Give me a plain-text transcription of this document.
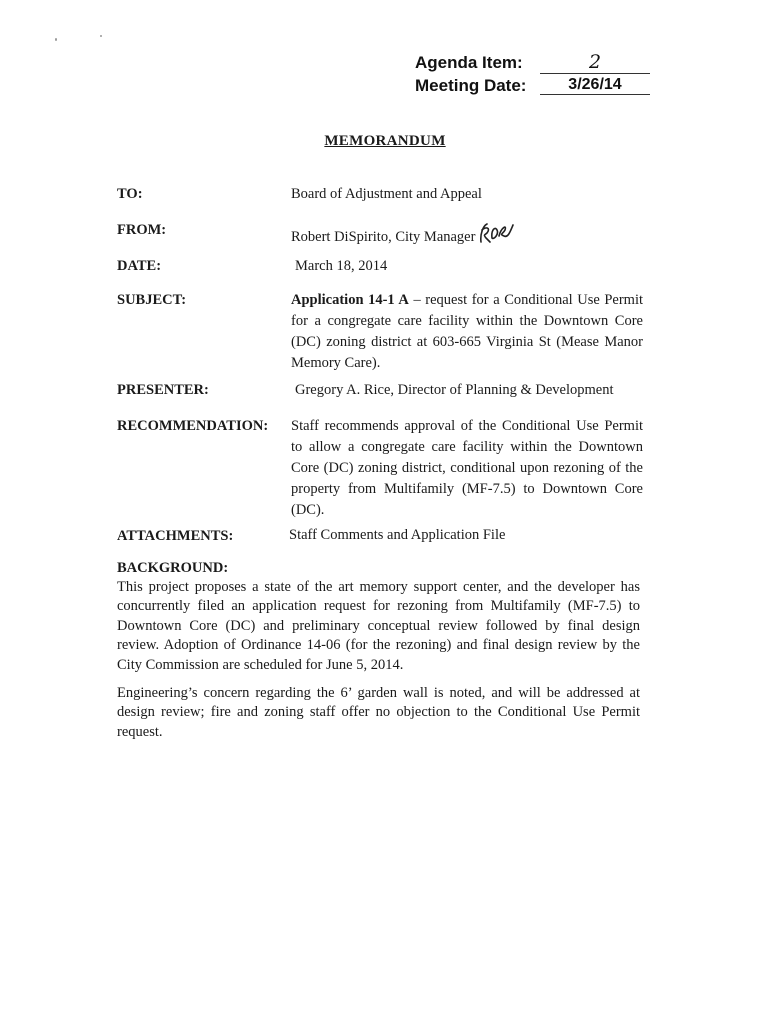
Agenda Item:	2
Meeting Date:	3/26/14
MEMORANDUM
TO:	Board of Adjustment and Appeal
FROM:	Robert DiSpirito, City Manager
DATE:	March 18, 2014
SUBJECT:	Application 14-1 A – request for a Conditional Use Permit for a congregate care facility within the Downtown Core (DC) zoning district at 603-665 Virginia St (Mease Manor Memory Care).
PRESENTER:	Gregory A. Rice, Director of Planning & Development
RECOMMENDATION: Staff recommends approval of the Conditional Use Permit to allow a congregate care facility within the Downtown Core (DC) zoning district, conditional upon rezoning of the property from Multifamily (MF-7.5) to Downtown Core (DC).
ATTACHMENTS:	Staff Comments and Application File
BACKGROUND:
This project proposes a state of the art memory support center, and the developer has concurrently filed an application request for rezoning from Multifamily (MF-7.5) to Downtown Core (DC) and preliminary conceptual review followed by final design review. Adoption of Ordinance 14-06 (for the rezoning) and final design review by the City Commission are scheduled for June 5, 2014.
Engineering’s concern regarding the 6’ garden wall is noted, and will be addressed at design review; fire and zoning staff offer no objection to the Conditional Use Permit request.
